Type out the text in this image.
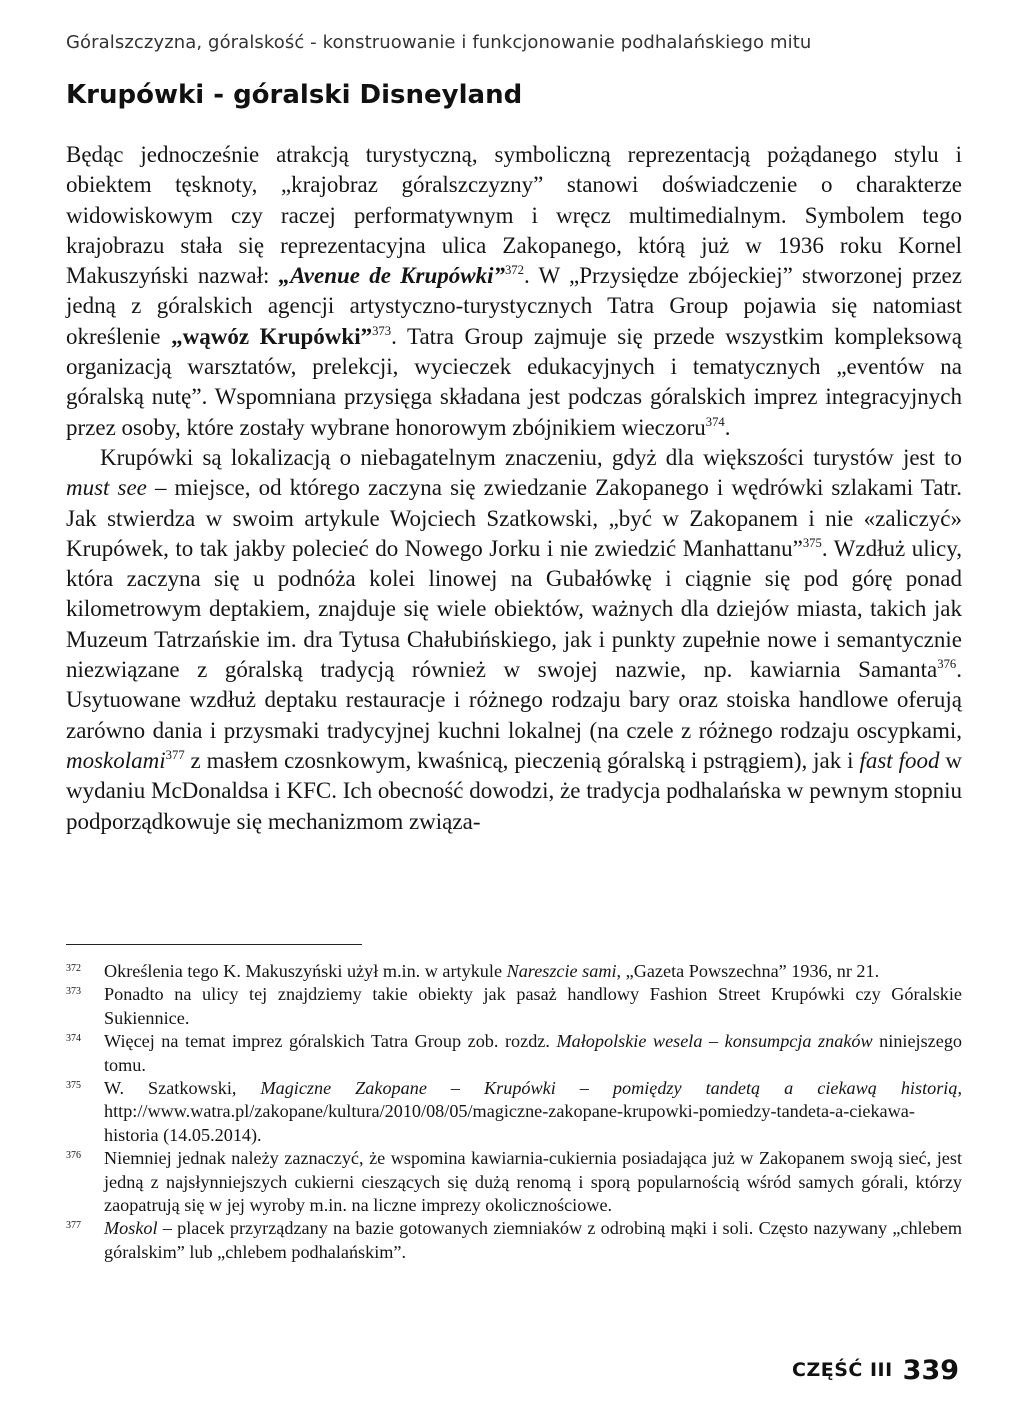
Góralszczyzna, góralskość - konstruowanie i funkcjonowanie podhalańskiego mitu
Krupówki - góralski Disneyland

Będąc jednocześnie atrakcją turystyczną, symboliczną reprezentacją pożądanego stylu i obiektem tęsknoty, „krajobraz góralszczyzny” stanowi doświadczenie o charakterze widowiskowym czy raczej performatywnym i wręcz multimedialnym. Symbolem tego krajobrazu stała się reprezentacyjna ulica Zakopanego, którą już w 1936 roku Kornel Makuszyński nazwał: „Avenue de Krupówki”$^{372}$. W „Przysiędze zbójeckiej” stworzonej przez jedną z góralskich agencji artystyczno-turystycznych Tatra Group pojawia się natomiast określenie „wąwóz Krupówki”$^{373}$. Tatra Group zajmuje się przede wszystkim kompleksową organizacją warsztatów, prelekcji, wycieczek edukacyjnych i tematycznych „eventów na góralską nutę”. Wspomniana przysięga składana jest podczas góralskich imprez integracyjnych przez osoby, które zostały wybrane honorowym zbójnikiem wieczoru$^{374}$.

Krupówki są lokalizacją o niebagatelnym znaczeniu, gdyż dla większości turystów jest to must see – miejsce, od którego zaczyna się zwiedzanie Zakopanego i wędrówki szlakami Tatr. Jak stwierdza w swoim artykule Wojciech Szatkowski, „być w Zakopanem i nie «zaliczyć» Krupówek, to tak jakby polecieć do Nowego Jorku i nie zwiedzić Manhattanu”$^{375}$. Wzdłuż ulicy, która zaczyna się u podnóża kolei linowej na Gubałówkę i ciągnie się pod górę ponad kilometrowym deptakiem, znajduje się wiele obiektów, ważnych dla dziejów miasta, takich jak Muzeum Tatrzańskie im. dra Tytusa Chałubińskiego, jak i punkty zupełnie nowe i semantycznie niezwiązane z góralską tradycją również w swojej nazwie, np. kawiarnia Samanta$^{376}$. Usytuowane wzdłuż deptaku restauracje i różnego rodzaju bary oraz stoiska handlowe oferują zarówno dania i przysmaki tradycyjnej kuchni lokalnej (na czele z różnego rodzaju oscypkami, moskolami$^{377}$ z masłem czosnkowym, kwaśnicą, pieczenią góralską i pstrągiem), jak i fast food w wydaniu McDonaldsa i KFC. Ich obecność dowodzi, że tradycja podhalańska w pewnym stopniu podporządkowuje się mechanizmom związa-

372 Określenia tego K. Makuszyński użył m.in. w artykule Nareszcie sami, „Gazeta Powszechna” 1936, nr 21.

373 Ponadto na ulicy tej znajdziemy takie obiekty jak pasaż handlowy Fashion Street Krupówki czy Góralskie Sukiennice.

374 Więcej na temat imprez góralskich Tatra Group zob. rozdz. Małopolskie wesela – konsumpcja znaków niniejszego tomu.

375 W. Szatkowski, Magiczne Zakopane – Krupówki – pomiędzy tandetą a ciekawą historią, http://www.watra.pl/zakopane/kultura/2010/08/05/magiczne-zakopane-krupowki-pomiedzy-tandeta-a-ciekawa-historia (14.05.2014).

376 Niemniej jednak należy zaznaczyć, że wspomina kawiarnia-cukiernia posiadająca już w Zakopanem swoją sieć, jest jedną z najsłynniejszych cukierni cieszących się dużą renomą i sporą popularnością wśród samych górali, którzy zaopatrują się w jej wyroby m.in. na liczne imprezy okolicznościowe.

377 Moskol – placek przyrządzany na bazie gotowanych ziemniaków z odrobiną mąki i soli. Często nazywany „chlebem góralskim” lub „chlebem podhalańskim”.

CZĘŚĆ III 339
